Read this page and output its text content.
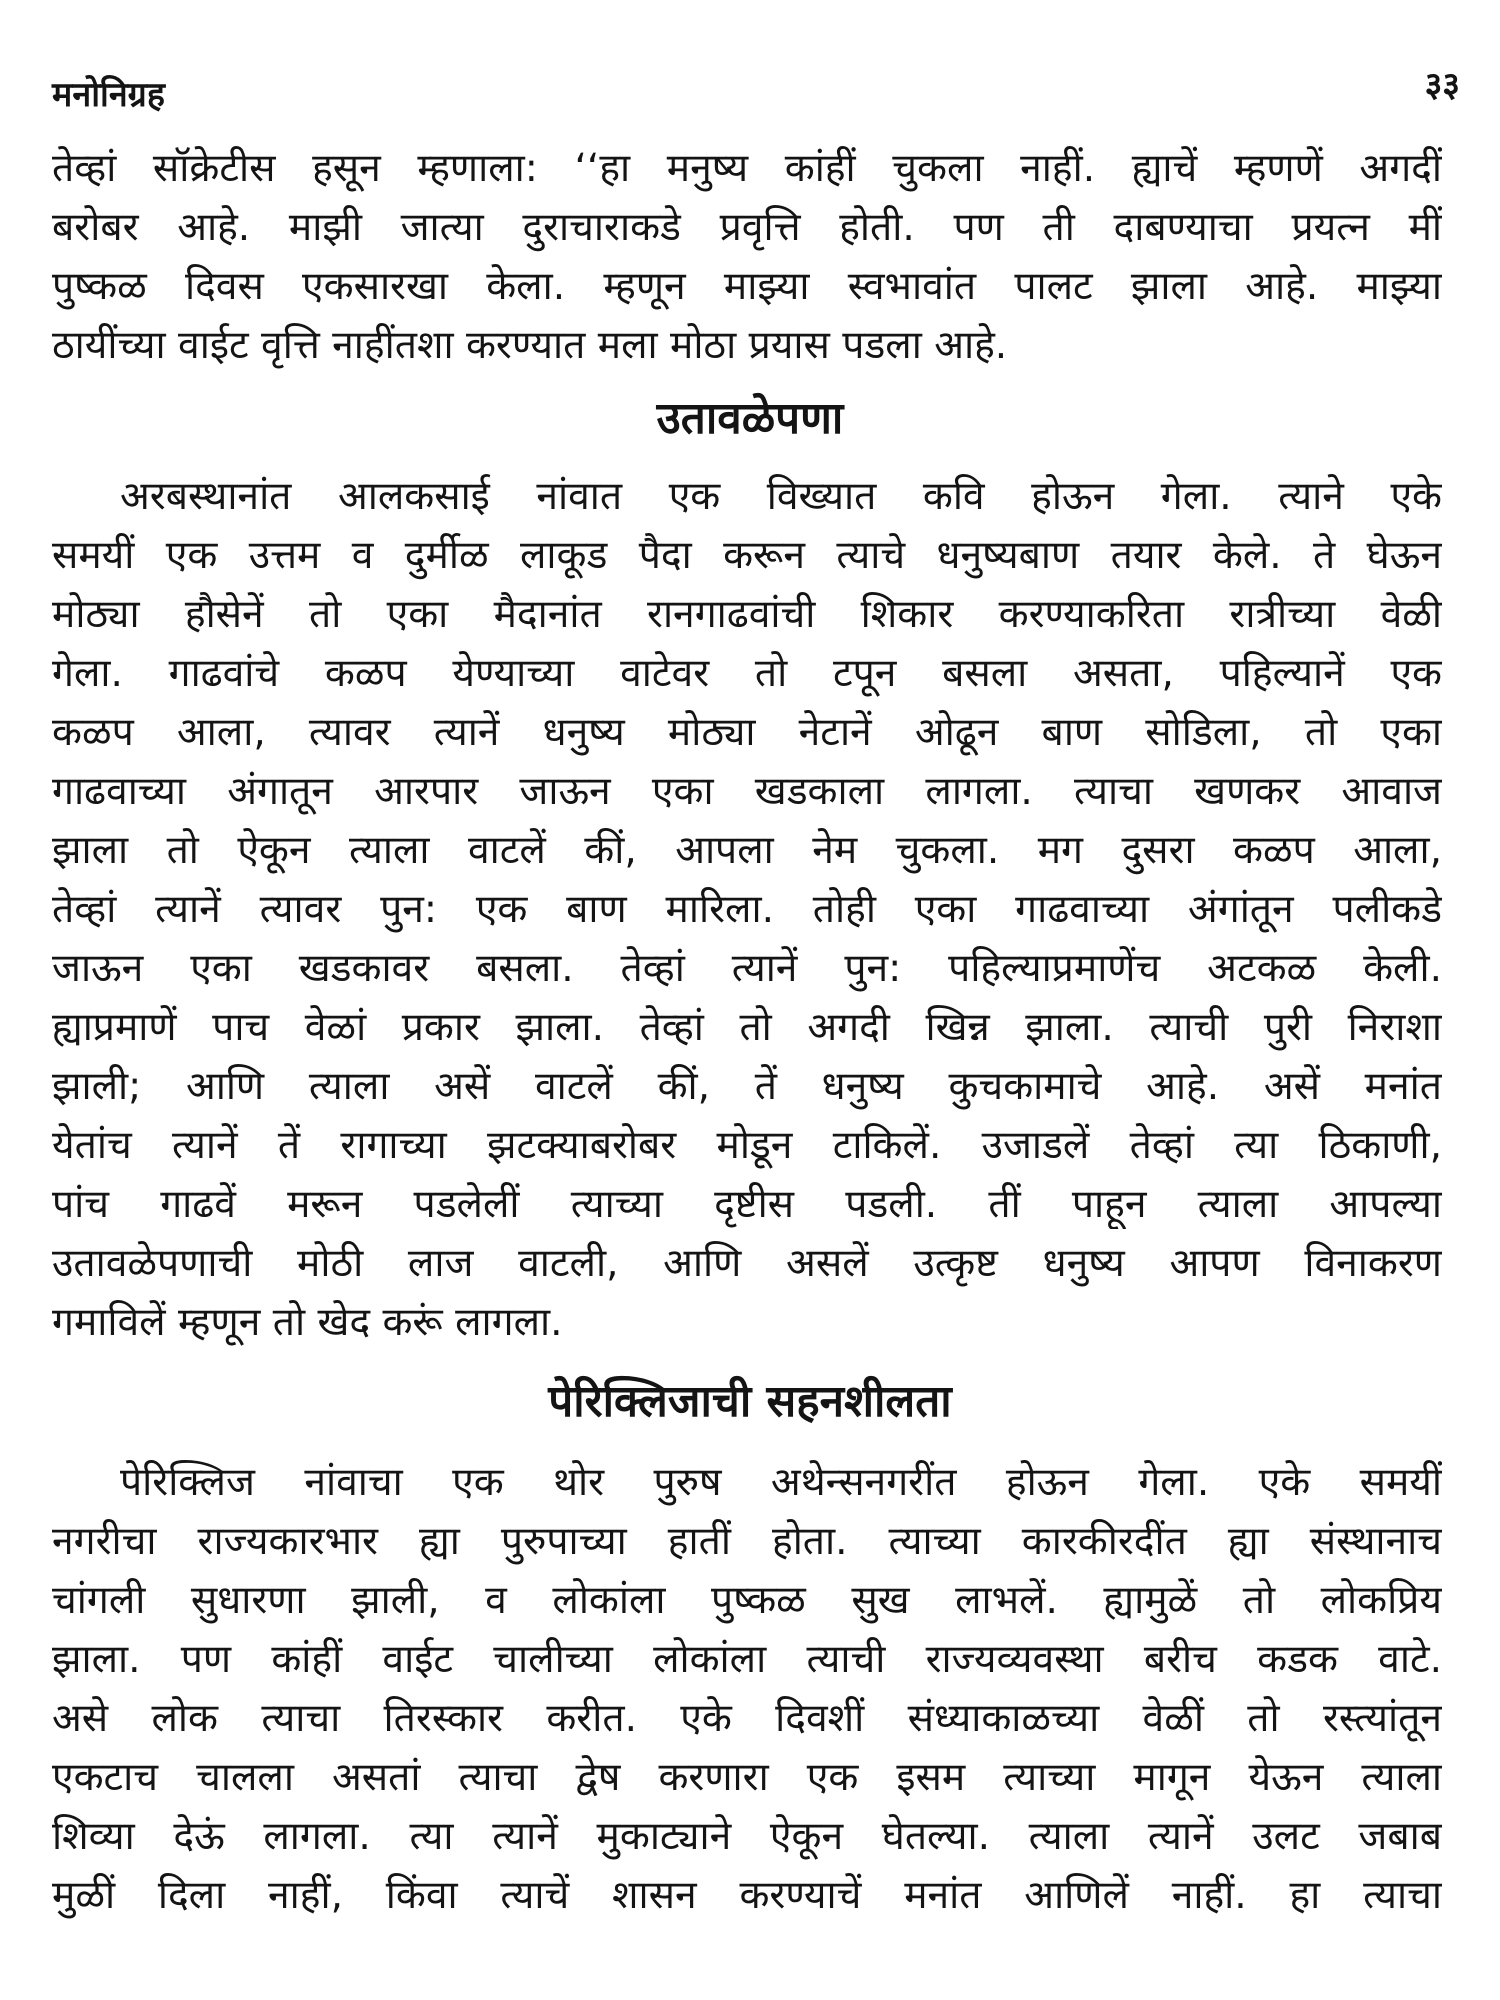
मनोनिग्रह	३३
तेव्हां सॉक्रेटीस हसून म्हणाला: ‘‘हा मनुष्य कांहीं चुकला नाहीं. ह्याचें म्हणणें अगदीं
बरोबर आहे. माझी जात्या दुराचाराकडे प्रवृत्ति होती. पण ती दाबण्याचा प्रयत्न मीं
पुष्कळ दिवस एकसारखा केला. म्हणून माझ्या स्वभावांत पालट झाला आहे. माझ्या
ठायींच्या वाईट वृत्ति नाहींतशा करण्यात मला मोठा प्रयास पडला आहे.
उतावळेपणा
अरबस्थानांत आलकसाई नांवात एक विख्यात कवि होऊन गेला. त्याने एके
समयीं एक उत्तम व दुर्मीळ लाकूड पैदा करून त्याचे धनुष्यबाण तयार केले. ते घेऊन
मोठ्या हौसेनें तो एका मैदानांत रानगाढवांची शिकार करण्याकरिता रात्रीच्या वेळी
गेला. गाढवांचे कळप येण्याच्या वाटेवर तो टपून बसला असता, पहिल्यानें एक
कळप आला, त्यावर त्यानें धनुष्य मोठ्या नेटानें ओढून बाण सोडिला, तो एका
गाढवाच्या अंगातून आरपार जाऊन एका खडकाला लागला. त्याचा खणकर आवाज
झाला तो ऐकून त्याला वाटलें कीं, आपला नेम चुकला. मग दुसरा कळप आला,
तेव्हां त्यानें त्यावर पुन: एक बाण मारिला. तोही एका गाढवाच्या अंगांतून पलीकडे
जाऊन एका खडकावर बसला. तेव्हां त्यानें पुन: पहिल्याप्रमाणेंच अटकळ केली.
ह्याप्रमाणें पाच वेळां प्रकार झाला. तेव्हां तो अगदी खिन्न झाला. त्याची पुरी निराशा
झाली; आणि त्याला असें वाटलें कीं, तें धनुष्य कुचकामाचे आहे. असें मनांत
येतांच त्यानें तें रागाच्या झटक्याबरोबर मोडून टाकिलें. उजाडलें तेव्हां त्या ठिकाणी,
पांच गाढवें मरून पडलेलीं त्याच्या दृष्टीस पडली. तीं पाहून त्याला आपल्या
उतावळेपणाची मोठी लाज वाटली, आणि असलें उत्कृष्ट धनुष्य आपण विनाकरण
गमाविलें म्हणून तो खेद करूं लागला.
पेरिक्लिजाची सहनशीलता
पेरिक्लिज नांवाचा एक थोर पुरुष अथेन्सनगरींत होऊन गेला. एके समयीं
नगरीचा राज्यकारभार ह्या पुरुपाच्या हातीं होता. त्याच्या कारकीरदींत ह्या संस्थानाच
चांगली सुधारणा झाली, व लोकांला पुष्कळ सुख लाभलें. ह्यामुळें तो लोकप्रिय
झाला. पण कांहीं वाईट चालीच्या लोकांला त्याची राज्यव्यवस्था बरीच कडक वाटे.
असे लोक त्याचा तिरस्कार करीत. एके दिवशीं संध्याकाळच्या वेळीं तो रस्त्यांतून
एकटाच चालला असतां त्याचा द्वेष करणारा एक इसम त्याच्या मागून येऊन त्याला
शिव्या देऊं लागला. त्या त्यानें मुकाट्याने ऐकून घेतल्या. त्याला त्यानें उलट जबाब
मुळीं दिला नाहीं, किंवा त्याचें शासन करण्याचें मनांत आणिलें नाहीं. हा त्याचा
